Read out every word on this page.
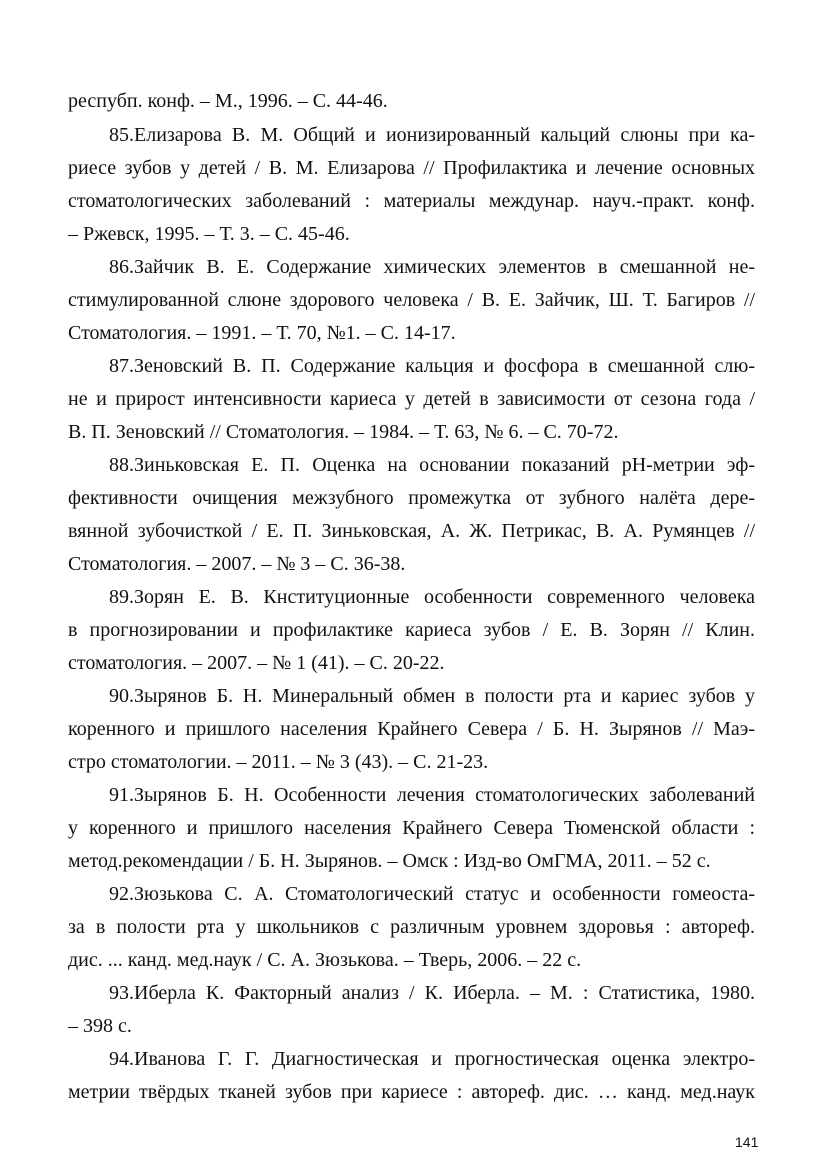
респубп. конф. – М., 1996. – С. 44-46.
85.Елизарова В. М. Общий и ионизированный кальций слюны при ка-
риесе зубов у детей / В. М. Елизарова // Профилактика и лечение основных
стоматологических заболеваний : материалы междунар. науч.-практ. конф.
– Ржевск, 1995. – Т. 3. – С. 45-46.
86.Зайчик В. Е. Содержание химических элементов в смешанной не-
стимулированной слюне здорового человека / В. Е. Зайчик, Ш. Т. Багиров //
Стоматология. – 1991. – Т. 70, №1. – С. 14-17.
87.Зеновский В. П. Содержание кальция и фосфора в смешанной слю-
не и прирост интенсивности кариеса у детей в зависимости от сезона года /
В. П. Зеновский // Стоматология. – 1984. – Т. 63, № 6. – С. 70-72.
88.Зиньковская Е. П. Оценка на основании показаний рН-метрии эф-
фективности очищения межзубного промежутка от зубного налёта дере-
вянной зубочисткой / Е. П. Зиньковская, А. Ж. Петрикас, В. А. Румянцев //
Стоматология. – 2007. – № 3 – С. 36-38.
89.Зорян Е. В. Кнституционные особенности современного человека
в прогнозировании и профилактике кариеса зубов / Е. В. Зорян // Клин.
стоматология. – 2007. – № 1 (41). – С. 20-22.
90.Зырянов Б. Н. Минеральный обмен в полости рта и кариес зубов у
коренного и пришлого населения Крайнего Севера / Б. Н. Зырянов // Маэ-
стро стоматологии. – 2011. – № 3 (43). – С. 21-23.
91.Зырянов Б. Н. Особенности лечения стоматологических заболеваний
у коренного и пришлого населения Крайнего Севера Тюменской области :
метод.рекомендации / Б. Н. Зырянов. – Омск : Изд-во ОмГМА, 2011. – 52 с.
92.Зюзькова С. А. Стоматологический статус и особенности гомеоста-
за в полости рта у школьников с различным уровнем здоровья : автореф.
дис. ... канд. мед.наук / С. А. Зюзькова. – Тверь, 2006. – 22 с.
93.Иберла К. Факторный анализ / К. Иберла. – М. : Статистика, 1980.
– 398 с.
94.Иванова Г. Г. Диагностическая и прогностическая оценка электро-
метрии твёрдых тканей зубов при кариесе : автореф. дис. … канд. мед.наук
141
